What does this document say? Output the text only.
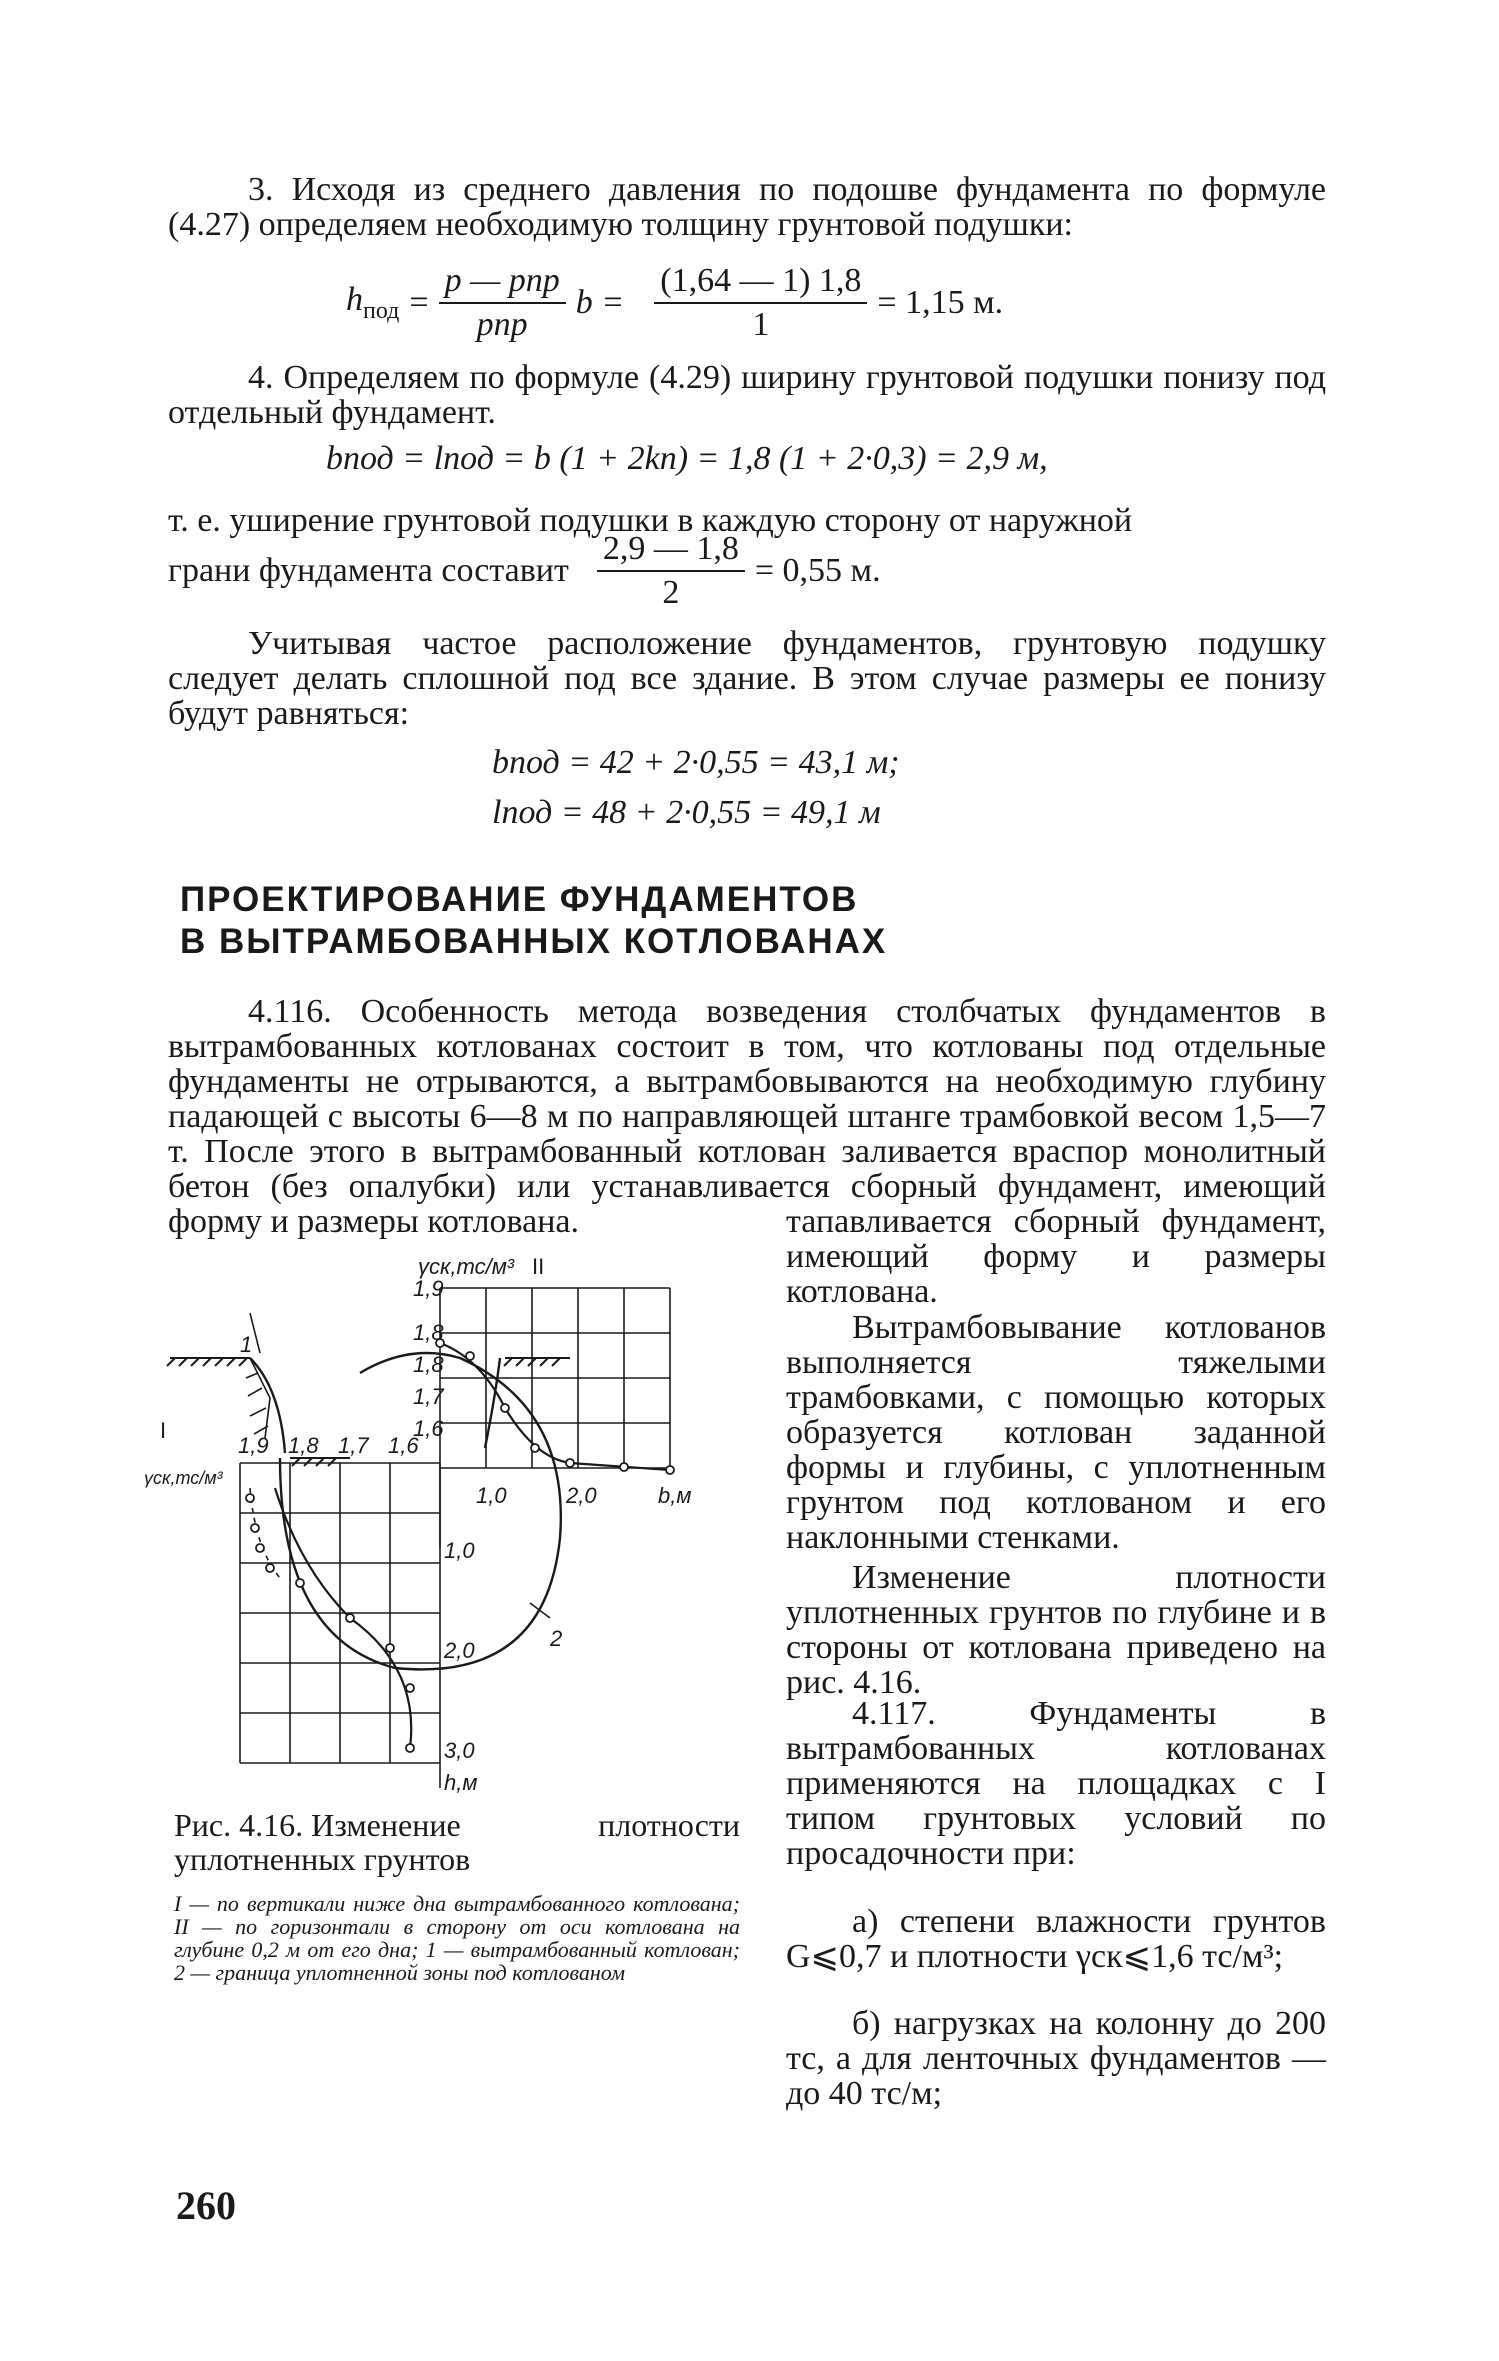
3. Исходя из среднего давления по подошве фундамента по формуле (4.27) определяем необходимую толщину грунтовой подушки:

$h_{под} = \frac{\text{p — pпр}}{\text{pпр}}$ $b = \frac{(1,64 — 1) 1,8}{1} = 1,15$ м.

4. Определяем по формуле (4.29) ширину грунтовой подушки понизу под отдельный фундамент.

bпод = lпод = b (1 + 2kп) = 1,8 (1 + 2·0,3) = 2,9 м,
т. е. уширение грунтовой подушки в каждую сторону от наружной
грани фундамента составит $\frac{2,9 — 1,8}{2} = 0,55$ м.

Учитывая частое расположение фундаментов, грунтовую подушку следует делать сплошной под все здание. В этом случае размеры ее понизу будут равняться:

bпод = 42 + 2·0,55 = 43,1 м;
lпод = 48 + 2·0,55 = 49,1 м

ПРОЕКТИРОВАНИЕ ФУНДАМЕНТОВ

В ВЫТРАМБОВАННЫХ КОТЛОВАНАХ

4.116. Особенность метода возведения столбчатых фундаментов в вытрамбованных котлованах состоит в том, что котлованы под отдельные фундаменты не отрываются, а вытрамбовываются на необходимую глубину падающей с высоты 6—8 м по направляющей штанге трамбовкой весом 1,5—7 т. После этого в вытрамбованный котлован заливается враспор монолитный бетон (без опалубки) или устанавливается сборный фундамент, имеющий форму и размеры котлована.	тапавливается сборный фундамент, имеющий форму и размеры котлована.

Вытрамбовывание котлованов выполняется тяжелыми трамбовками, с помощью которых образуется котлован заданной формы и глубины, с уплотненным грунтом под котлованом и его наклонными стенками.

Изменение плотности уплотненных грунтов по глубине и в стороны от котлована приведено на рис. 4.16.

4.117. Фундаменты в вытрамбованных котлованах применяются на площадках с I типом грунтовых условий по просадочности при:

а) степени влажности грунтов G⩽0,7 и плотности γск⩽1,6 тс/м³;

б) нагрузках на колонну до 200 тс, а для ленточных фундаментов — до 40 тс/м;

γск,тс/м³ II
1,9
1,8
1,8
1,7
1,6
1
2
I
γск,тс/м³
1,9 1,8 1,7 1,6
1,0	2,0	b,м
1,0
2,0
3,0
h,м
Рис. 4.16. Изменение	плотности
уплотненных грунтов
I — по вертикали ниже дна вытрамбованного котлована; II — по горизонтали в сторону от оси котлована на глубине 0,2 м от его дна; 1 — вытрамбованный котлован; 2 — граница уплотненной зоны под котлованом
260
